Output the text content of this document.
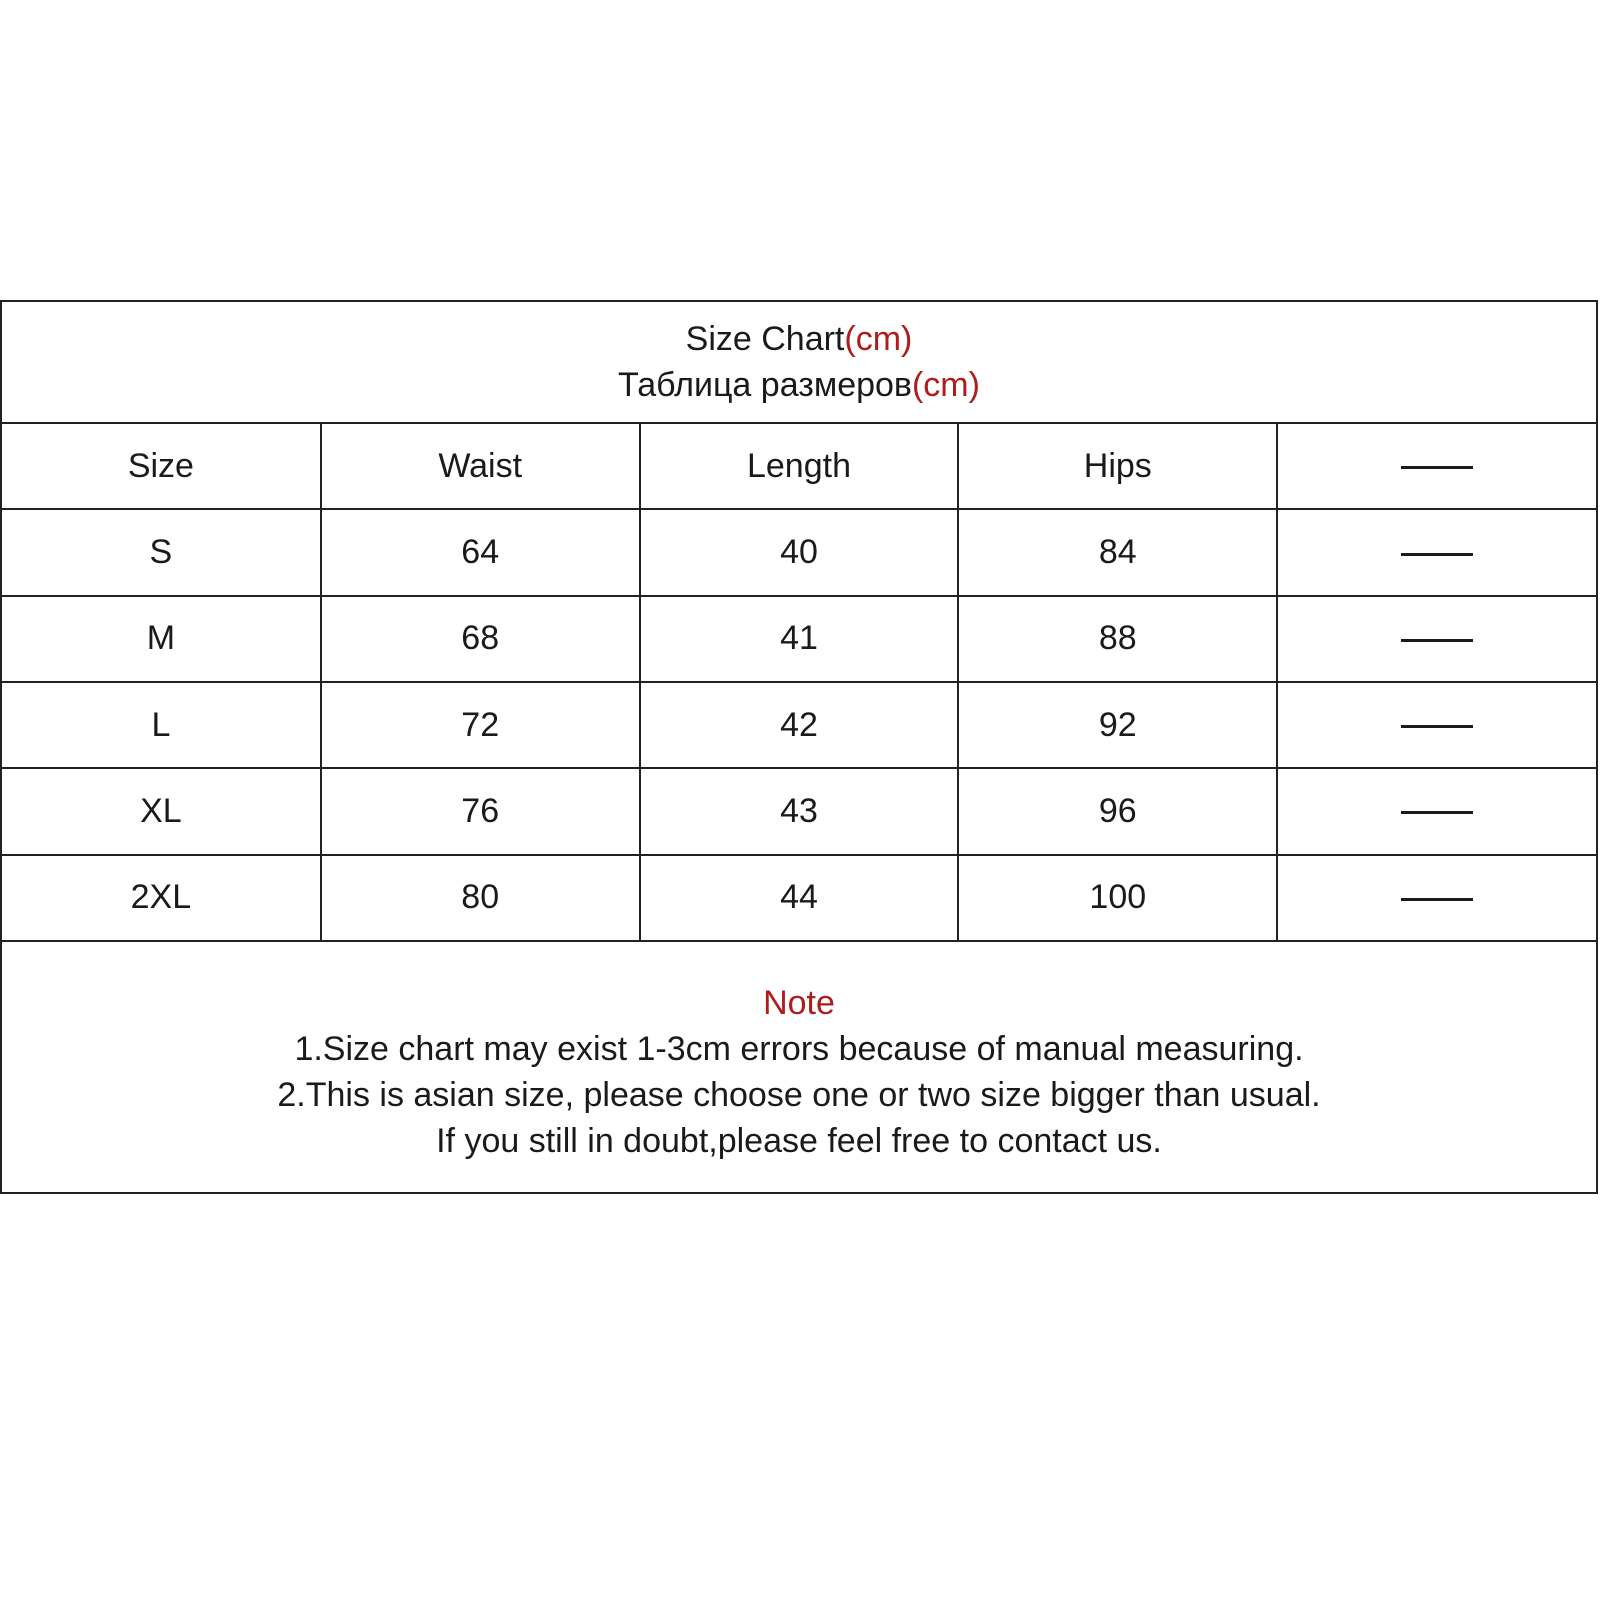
Size Chart(cm)
Таблица размеров(cm)
Size	Waist	Length	Hips	
S	64	40	84	
M	68	41	88	
L	72	42	92	
XL	76	43	96	
2XL	80	44	100	
Note
1.Size chart may exist 1-3cm errors because of manual measuring.
2.This is asian size, please choose one or two size bigger than usual.
If you still in doubt,please feel free to contact us.
